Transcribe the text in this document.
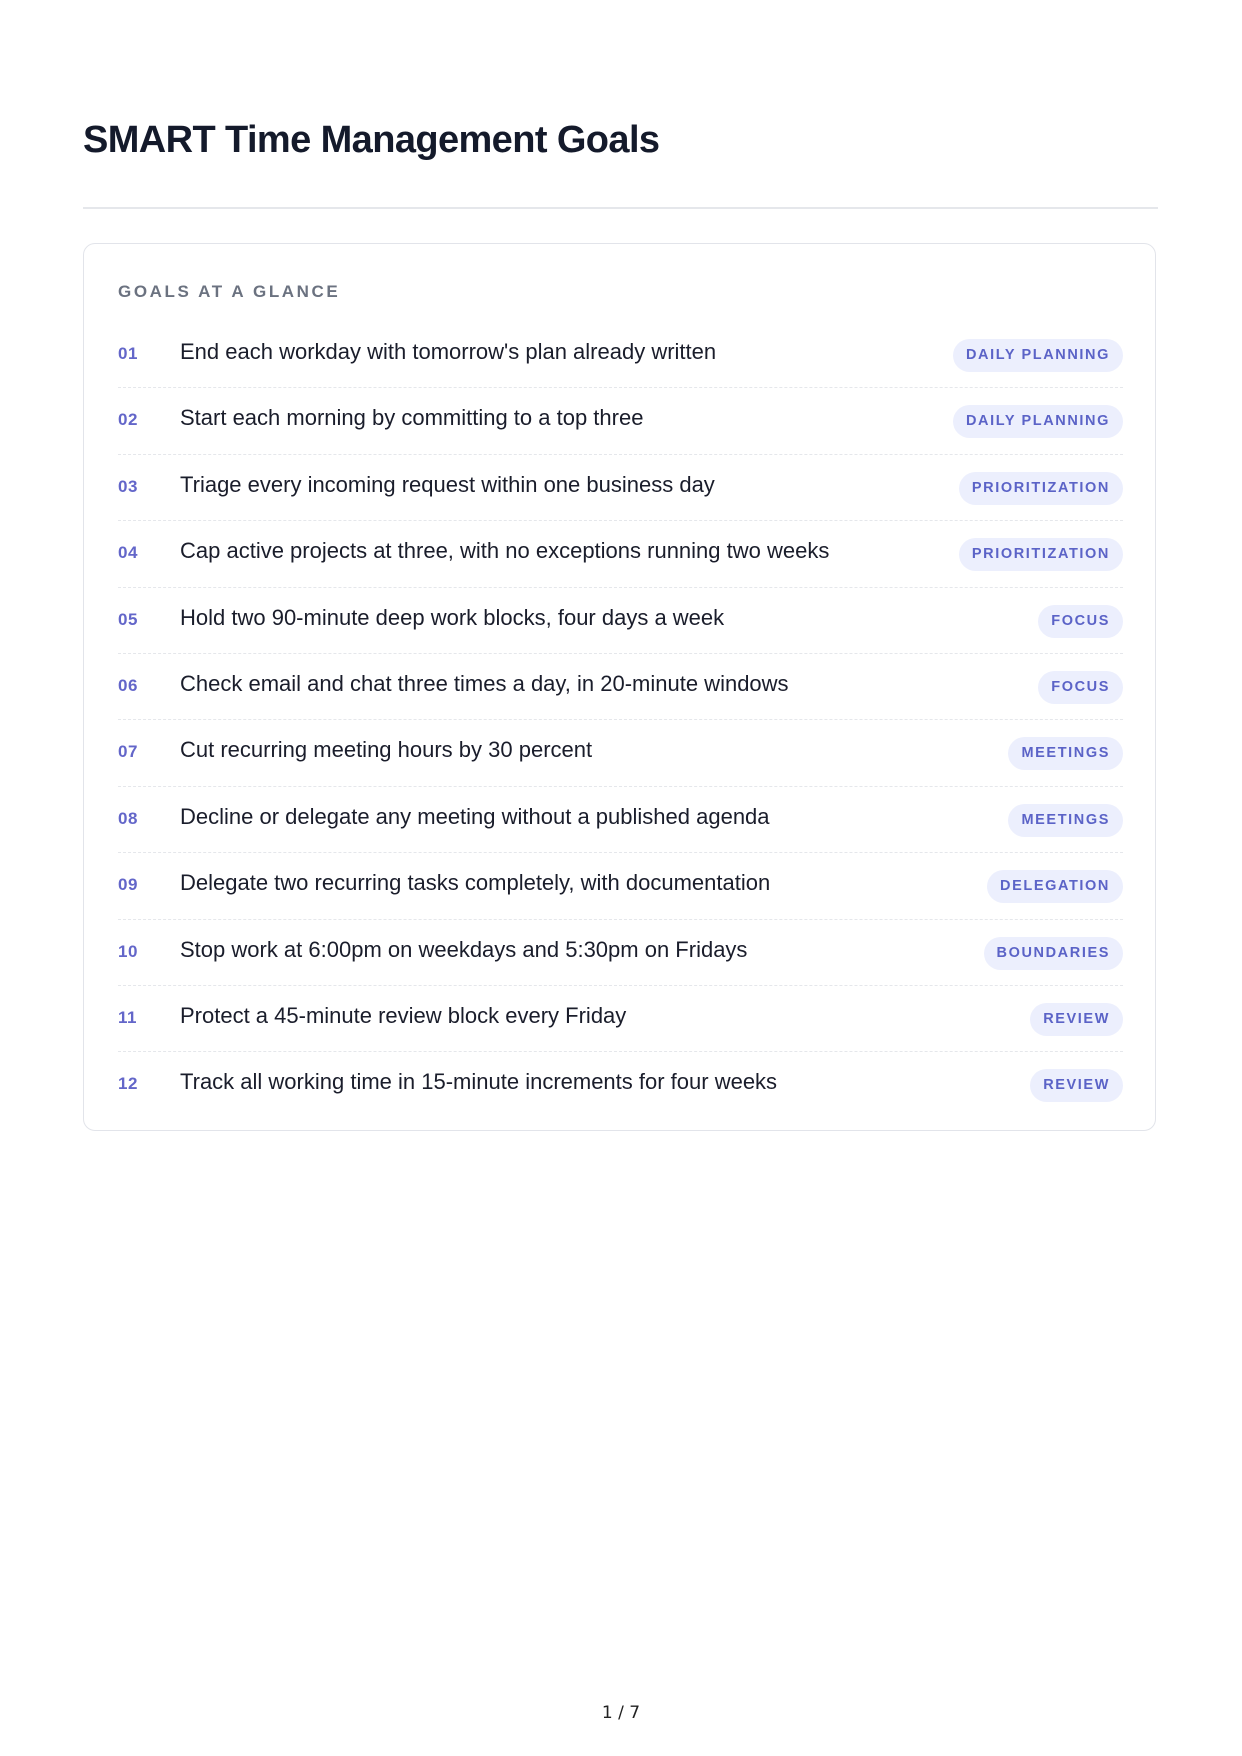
SMART Time Management Goals
GOALS AT A GLANCE
01 End each workday with tomorrow's plan already written	DAILY PLANNING
02 Start each morning by committing to a top three	DAILY PLANNING
03 Triage every incoming request within one business day	PRIORITIZATION
04 Cap active projects at three, with no exceptions running two weeks	PRIORITIZATION
05 Hold two 90-minute deep work blocks, four days a week	FOCUS
06 Check email and chat three times a day, in 20-minute windows	FOCUS
07 Cut recurring meeting hours by 30 percent	MEETINGS
08 Decline or delegate any meeting without a published agenda	MEETINGS
09 Delegate two recurring tasks completely, with documentation	DELEGATION
10 Stop work at 6:00pm on weekdays and 5:30pm on Fridays	BOUNDARIES
11 Protect a 45-minute review block every Friday	REVIEW
12 Track all working time in 15-minute increments for four weeks	REVIEW
1 / 7
